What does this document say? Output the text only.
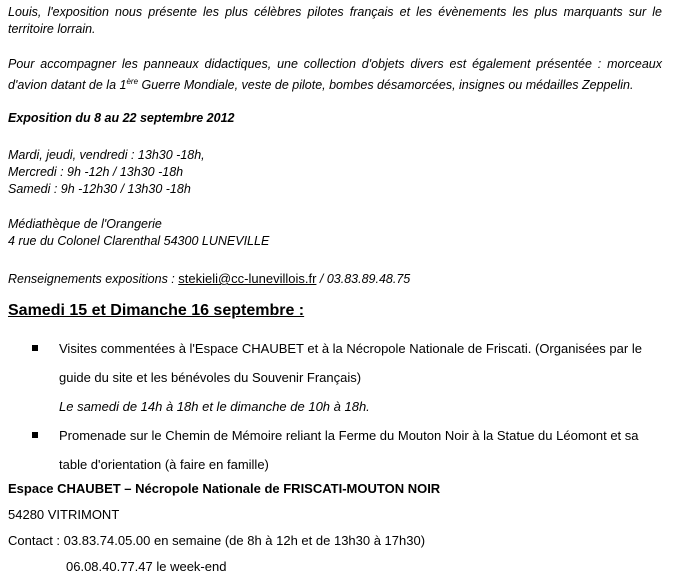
Louis, l'exposition nous présente les plus célèbres pilotes français et les évènements les plus marquants sur le territoire lorrain.

Pour accompagner les panneaux didactiques, une collection d'objets divers est également présentée : morceaux d'avion datant de la 1ère Guerre Mondiale, veste de pilote, bombes désamorcées, insignes ou médailles Zeppelin.

Exposition du 8 au 22 septembre 2012

Mardi, jeudi, vendredi : 13h30 -18h,

Mercredi : 9h -12h / 13h30 -18h

Samedi : 9h -12h30 / 13h30 -18h

Médiathèque de l'Orangerie

4 rue du Colonel Clarenthal 54300 LUNEVILLE

Renseignements expositions : stekieli@cc-lunevillois.fr / 03.83.89.48.75

Samedi 15 et Dimanche 16 septembre :
Visites commentées à l'Espace CHAUBET et à la Nécropole Nationale de Friscati. (Organisées par le guide du site et les bénévoles du Souvenir Français)
Le samedi de 14h à 18h et le dimanche de 10h à 18h.
Promenade sur le Chemin de Mémoire reliant la Ferme du Mouton Noir à la Statue du Léomont et sa table d'orientation (à faire en famille)

Espace CHAUBET – Nécropole Nationale de FRISCATI-MOUTON NOIR

54280 VITRIMONT

Contact : 03.83.74.05.00 en semaine (de 8h à 12h et de 13h30 à 17h30)

06.08.40.77.47 le week-end
